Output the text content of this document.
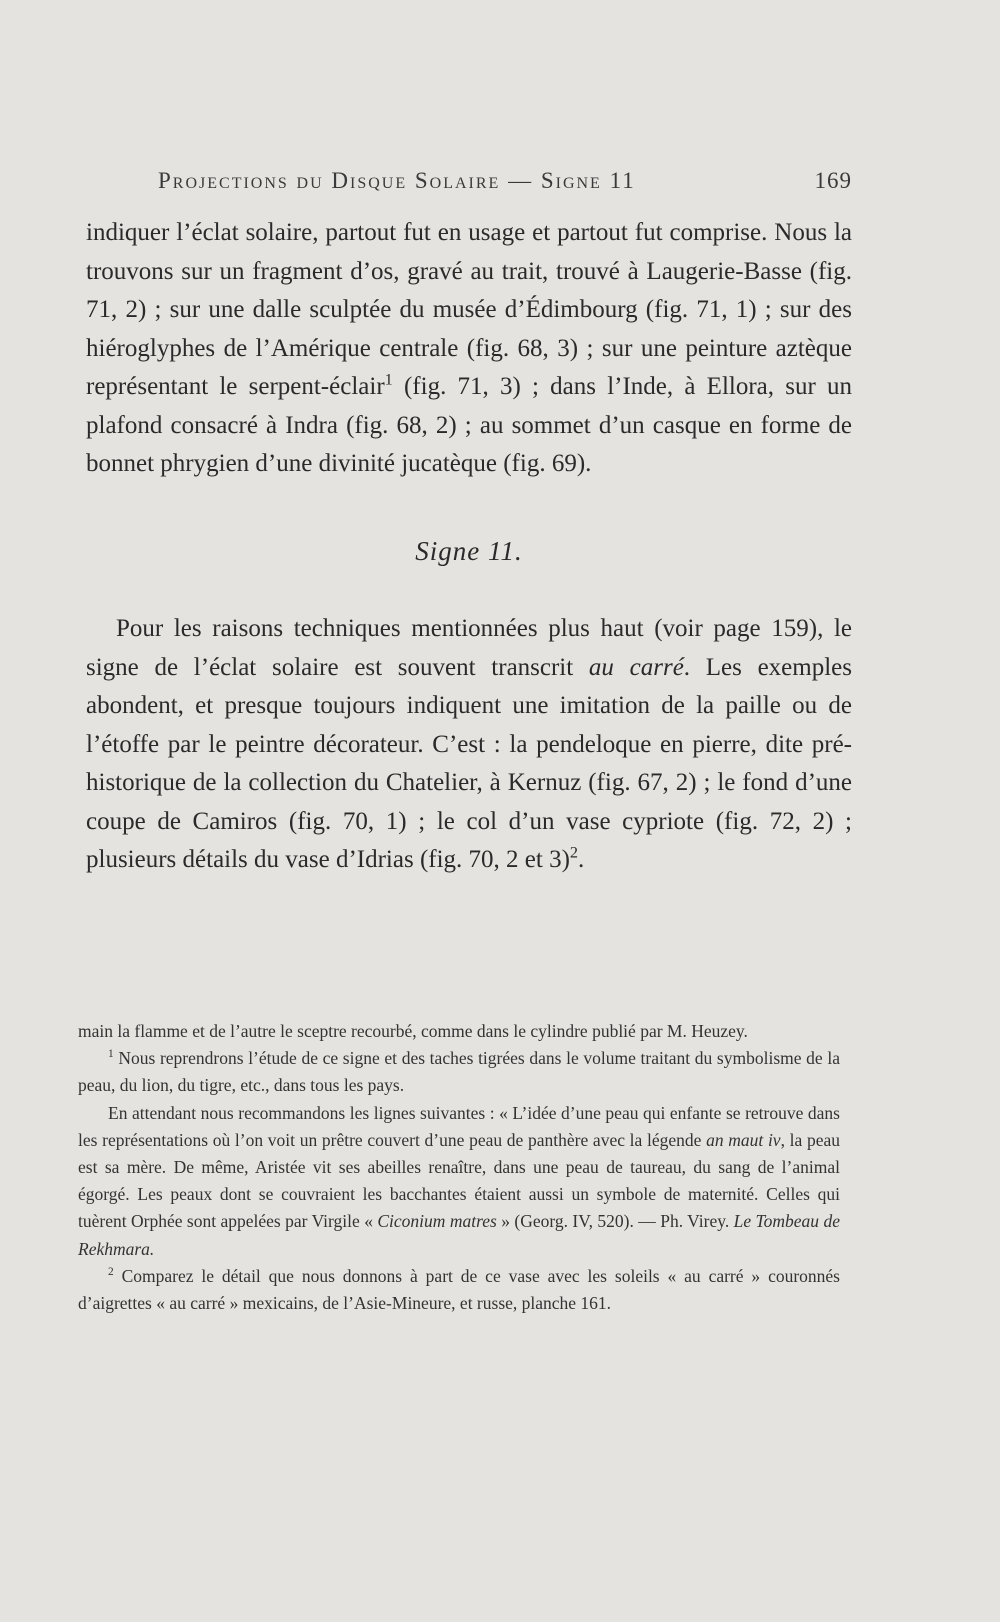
Projections du Disque Solaire — Signe 11	169

indiquer l’éclat solaire, partout fut en usage et partout fut comprise. Nous la trouvons sur un fragment d’os, gravé au trait, trouvé à Laugerie-Basse (fig. 71, 2) ; sur une dalle sculptée du musée d’Édimbourg (fig. 71, 1) ; sur des hiéroglyphes de l’Amérique centrale (fig. 68, 3) ; sur une peinture aztèque représentant le serpent-éclair$^1$ (fig. 71, 3) ; dans l’Inde, à Ellora, sur un plafond consacré à Indra (fig. 68, 2) ; au sommet d’un casque en forme de bonnet phrygien d’une divinité jucatèque (fig. 69).

Signe 11.

Pour les raisons techniques mentionnées plus haut (voir page 159), le signe de l’éclat solaire est souvent transcrit au carré. Les exemples abondent, et presque toujours indiquent une imitation de la paille ou de l’étoffe par le peintre décorateur. C’est : la pendeloque en pierre, dite pré-historique de la collection du Chatelier, à Kernuz (fig. 67, 2) ; le fond d’une coupe de Camiros (fig. 70, 1) ; le col d’un vase cypriote (fig. 72, 2) ; plusieurs détails du vase d’Idrias (fig. 70, 2 et 3)$^2$.

main la flamme et de l’autre le sceptre recourbé, comme dans le cylindre publié par M. Heuzey.

$^1$ Nous reprendrons l’étude de ce signe et des taches tigrées dans le volume traitant du symbolisme de la peau, du lion, du tigre, etc., dans tous les pays.

En attendant nous recommandons les lignes suivantes : « L’idée d’une peau qui enfante se retrouve dans les représentations où l’on voit un prêtre couvert d’une peau de panthère avec la légende an maut iv, la peau est sa mère. De même, Aristée vit ses abeilles renaître, dans une peau de taureau, du sang de l’animal égorgé. Les peaux dont se couvraient les bacchantes étaient aussi un symbole de maternité. Celles qui tuèrent Orphée sont appelées par Virgile « Ciconium matres » (Georg. IV, 520). — Ph. Virey. Le Tombeau de Rekhmara.

$^2$ Comparez le détail que nous donnons à part de ce vase avec les soleils « au carré » couronnés d’aigrettes « au carré » mexicains, de l’Asie-Mineure, et russe, planche 161.
